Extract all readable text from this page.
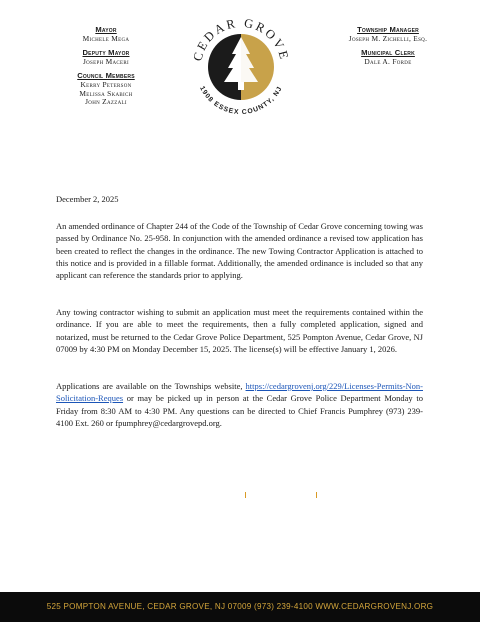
Mayor
Michele Mega
Deputy Mayor
Joseph Maceri
Council Members
Kerry Peterson
Melissa Skabich
John Zazzali
CEDAR GROVE
1908 ESSEX COUNTY, NJ
Township Manager
Joseph M. Zichelli, Esq.
Municipal Clerk
Dale A. Forde

December 2, 2025

An amended ordinance of Chapter 244 of the Code of the Township of Cedar Grove concerning towing was passed by Ordinance No. 25-958. In conjunction with the amended ordinance a revised tow application has been created to reflect the changes in the ordinance. The new Towing Contractor Application is attached to this notice and is provided in a fillable format. Additionally, the amended ordinance is included so that any applicant can reference the standards prior to applying.

Any towing contractor wishing to submit an application must meet the requirements contained within the ordinance. If you are able to meet the requirements, then a fully completed application, signed and notarized, must be returned to the Cedar Grove Police Department, 525 Pompton Avenue, Cedar Grove, NJ 07009 by 4:30 PM on Monday December 15, 2025. The license(s) will be effective January 1, 2026.

Applications are available on the Townships website, https://cedargrovenj.org/229/Licenses-Permits-Non-Solicitation-Reques or may be picked up in person at the Cedar Grove Police Department Monday to Friday from 8:30 AM to 4:30 PM. Any questions can be directed to Chief Francis Pumphrey (973) 239-4100 Ext. 260 or fpumphrey@cedargrovepd.org.

525 POMPTON AVENUE, CEDAR GROVE, NJ 07009 (973) 239-4100 WWW.CEDARGROVENJ.ORG
